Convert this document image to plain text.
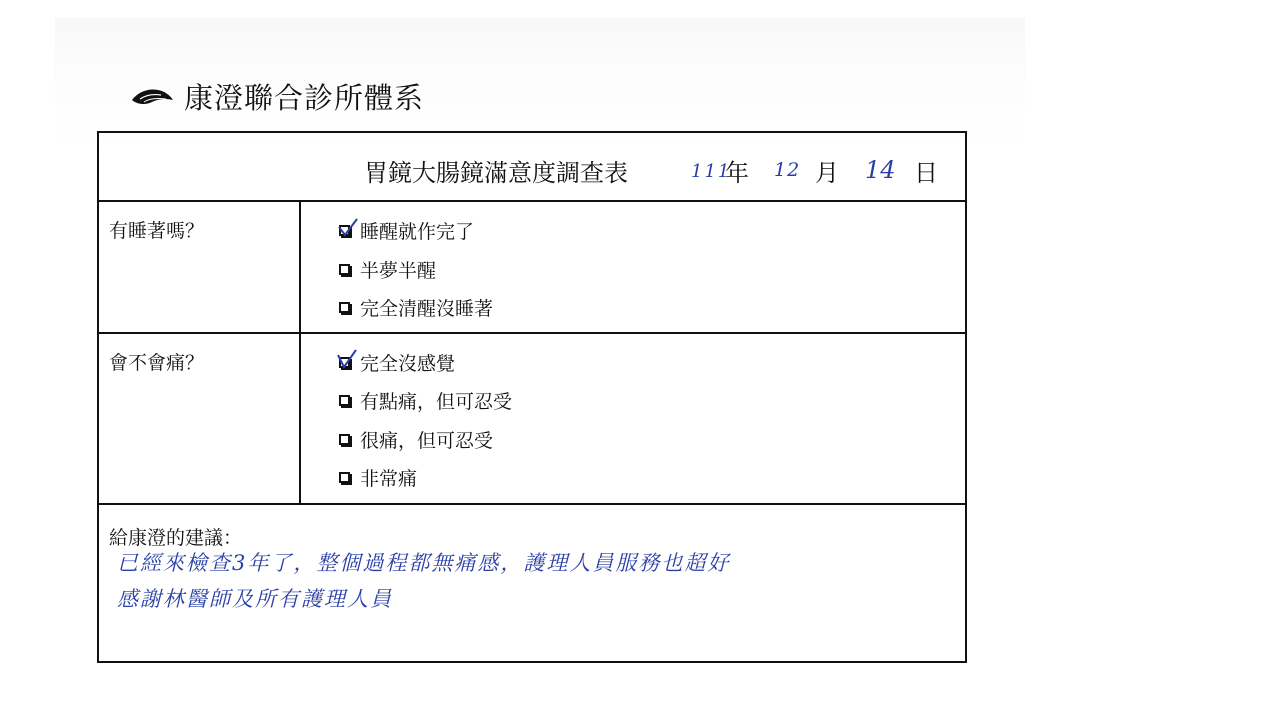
康澄聯合診所體系
胃鏡大腸鏡滿意度調查表	111
年 12 月 14 日
有睡著嗎？	睡醒就作完了
半夢半醒
完全清醒沒睡著
會不會痛？	完全沒感覺
有點痛，但可忍受
很痛，但可忍受
非常痛
給康澄的建議：
已經來檢查3年了，整個過程都無痛感，護理人員服務也超好
感謝林醫師及所有護理人員
